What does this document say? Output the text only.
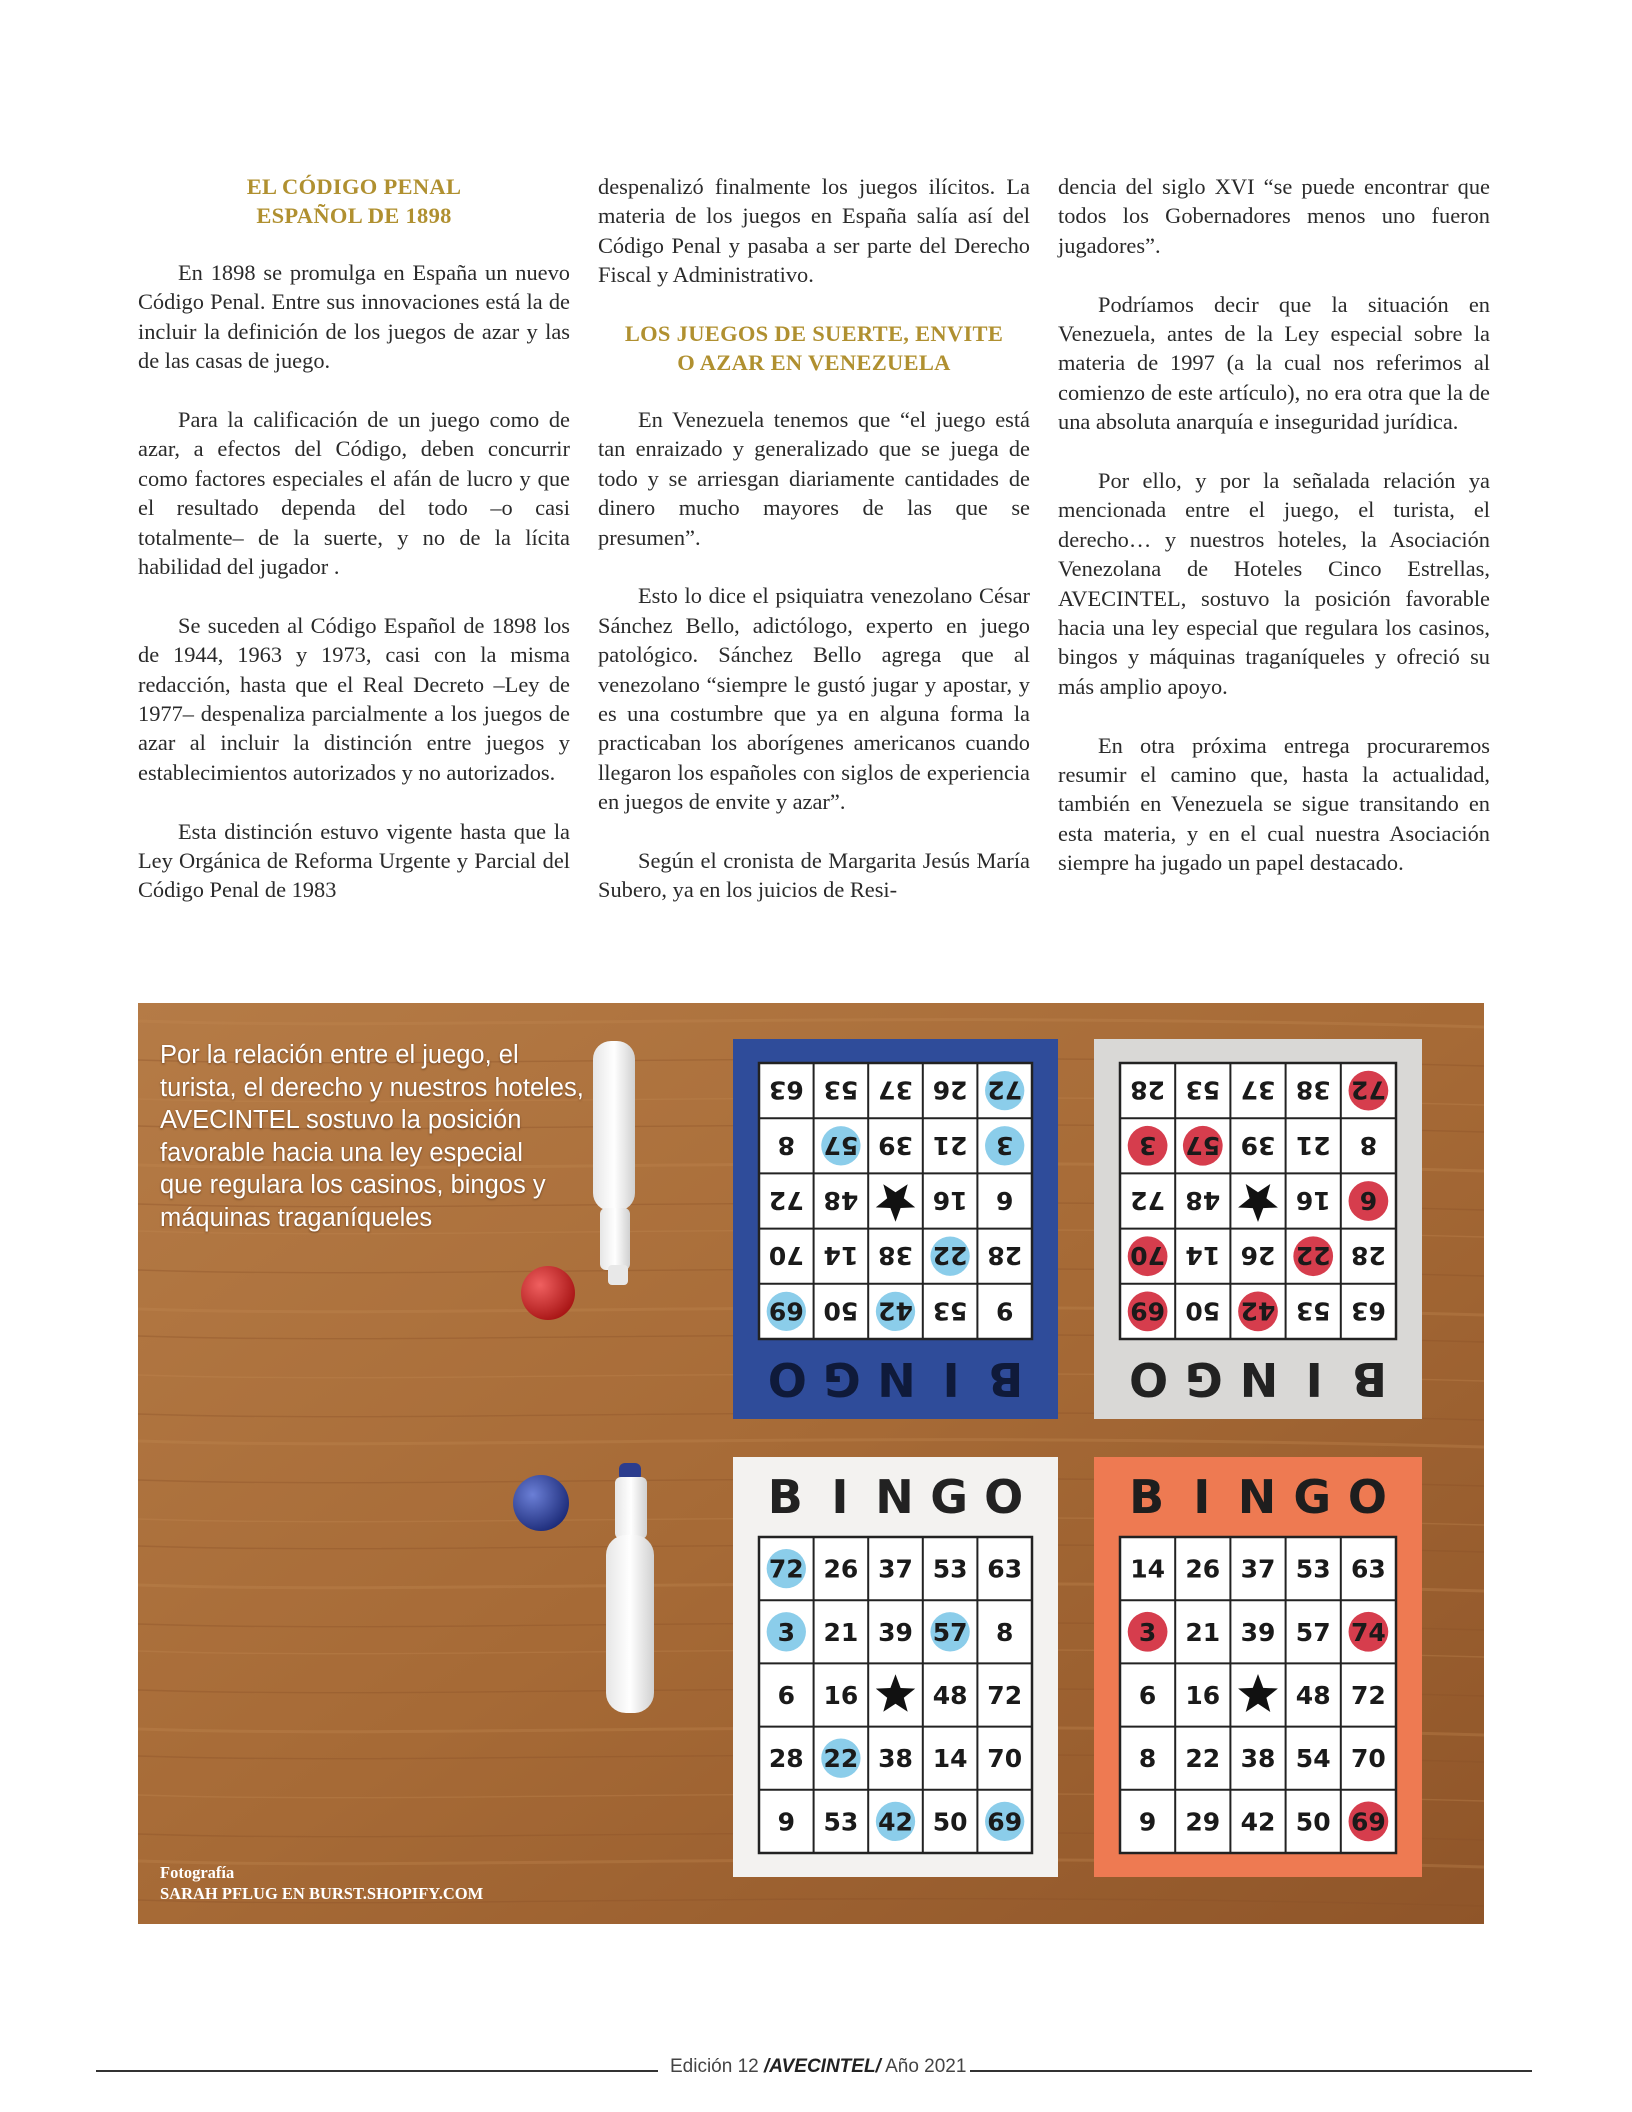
EL CÓDIGO PENAL
ESPAÑOL DE 1898

En 1898 se promulga en España un nuevo Código Penal. Entre sus innovaciones está la de incluir la definición de los juegos de azar y las de las casas de juego.

Para la calificación de un juego como de azar, a efectos del Código, deben concurrir como factores especiales el afán de lucro y que el resultado dependa del todo –o casi totalmente– de la suerte, y no de la lícita habilidad del jugador .

Se suceden al Código Español de 1898 los de 1944, 1963 y 1973, casi con la misma redacción, hasta que el Real Decreto –Ley de 1977– despenaliza parcialmente a los juegos de azar al incluir la distinción entre juegos y establecimientos autorizados y no autorizados.

Esta distinción estuvo vigente hasta que la Ley Orgánica de Reforma Urgente y Parcial del Código Penal de 1983

despenalizó finalmente los juegos ilícitos. La materia de los juegos en España salía así del Código Penal y pasaba a ser parte del Derecho Fiscal y Administrativo.

LOS JUEGOS DE SUERTE, ENVITE
O AZAR EN VENEZUELA

En Venezuela tenemos que “el juego está tan enraizado y generalizado que se juega de todo y se arriesgan diariamente cantidades de dinero mucho mayores de las que se presumen”.

Esto lo dice el psiquiatra venezolano César Sánchez Bello, adictólogo, experto en juego patológico. Sánchez Bello agrega que al venezolano “siempre le gustó jugar y apostar, y es una costumbre que ya en alguna forma la practicaban los aborígenes americanos cuando llegaron los españoles con siglos de experiencia en juegos de envite y azar”.

Según el cronista de Margarita Jesús María Subero, ya en los juicios de Resi-

dencia del siglo XVI “se puede encontrar que todos los Gobernadores menos uno fueron jugadores”.

Podríamos decir que la situación en Venezuela, antes de la Ley especial sobre la materia de 1997 (a la cual nos referimos al comienzo de este artículo), no era otra que la de una absoluta anarquía e inseguridad jurídica.

Por ello, y por la señalada relación ya mencionada entre el juego, el turista, el derecho… y nuestros hoteles, la Asociación Venezolana de Hoteles Cinco Estrellas, AVECINTEL, sostuvo la posición favorable hacia una ley especial que regulara los casinos, bingos y máquinas traganíqueles y ofreció su más amplio apoyo.

En otra próxima entrega procuraremos resumir el camino que, hasta la actualidad, también en Venezuela se sigue transitando en esta materia, y en el cual nuestra Asociación siempre ha jugado un papel destacado.

B
I
N
G
O
9
53
42
50
69
28
22
38
14
70
6
16
48
72
3
21
39
57
8
72
26
37
53
63
B
I
N
G
O
63
53
42
50
69
28
22
26
14
70
6
16
48
72
8
21
39
57
3
72
38
37
53
28
B I N G O
72 26 37 53 63
3 21 39 57 8
6 16	48 72
28 22 38 14 70
9 53 42 50 69
B I N G O
14 26 37 53 63
3 21 39 57 74
6 16	48 72
8 22 38 54 70
9 29 42 50 69
Por la relación entre el juego, el
turista, el derecho y nuestros hoteles,
AVECINTEL sostuvo la posición
favorable hacia una ley especial
que regulara los casinos, bingos y
máquinas traganíqueles
Fotografía
SARAH PFLUG EN BURST.SHOPIFY.COM
Edición 12 /AVECINTEL/ Año 2021
